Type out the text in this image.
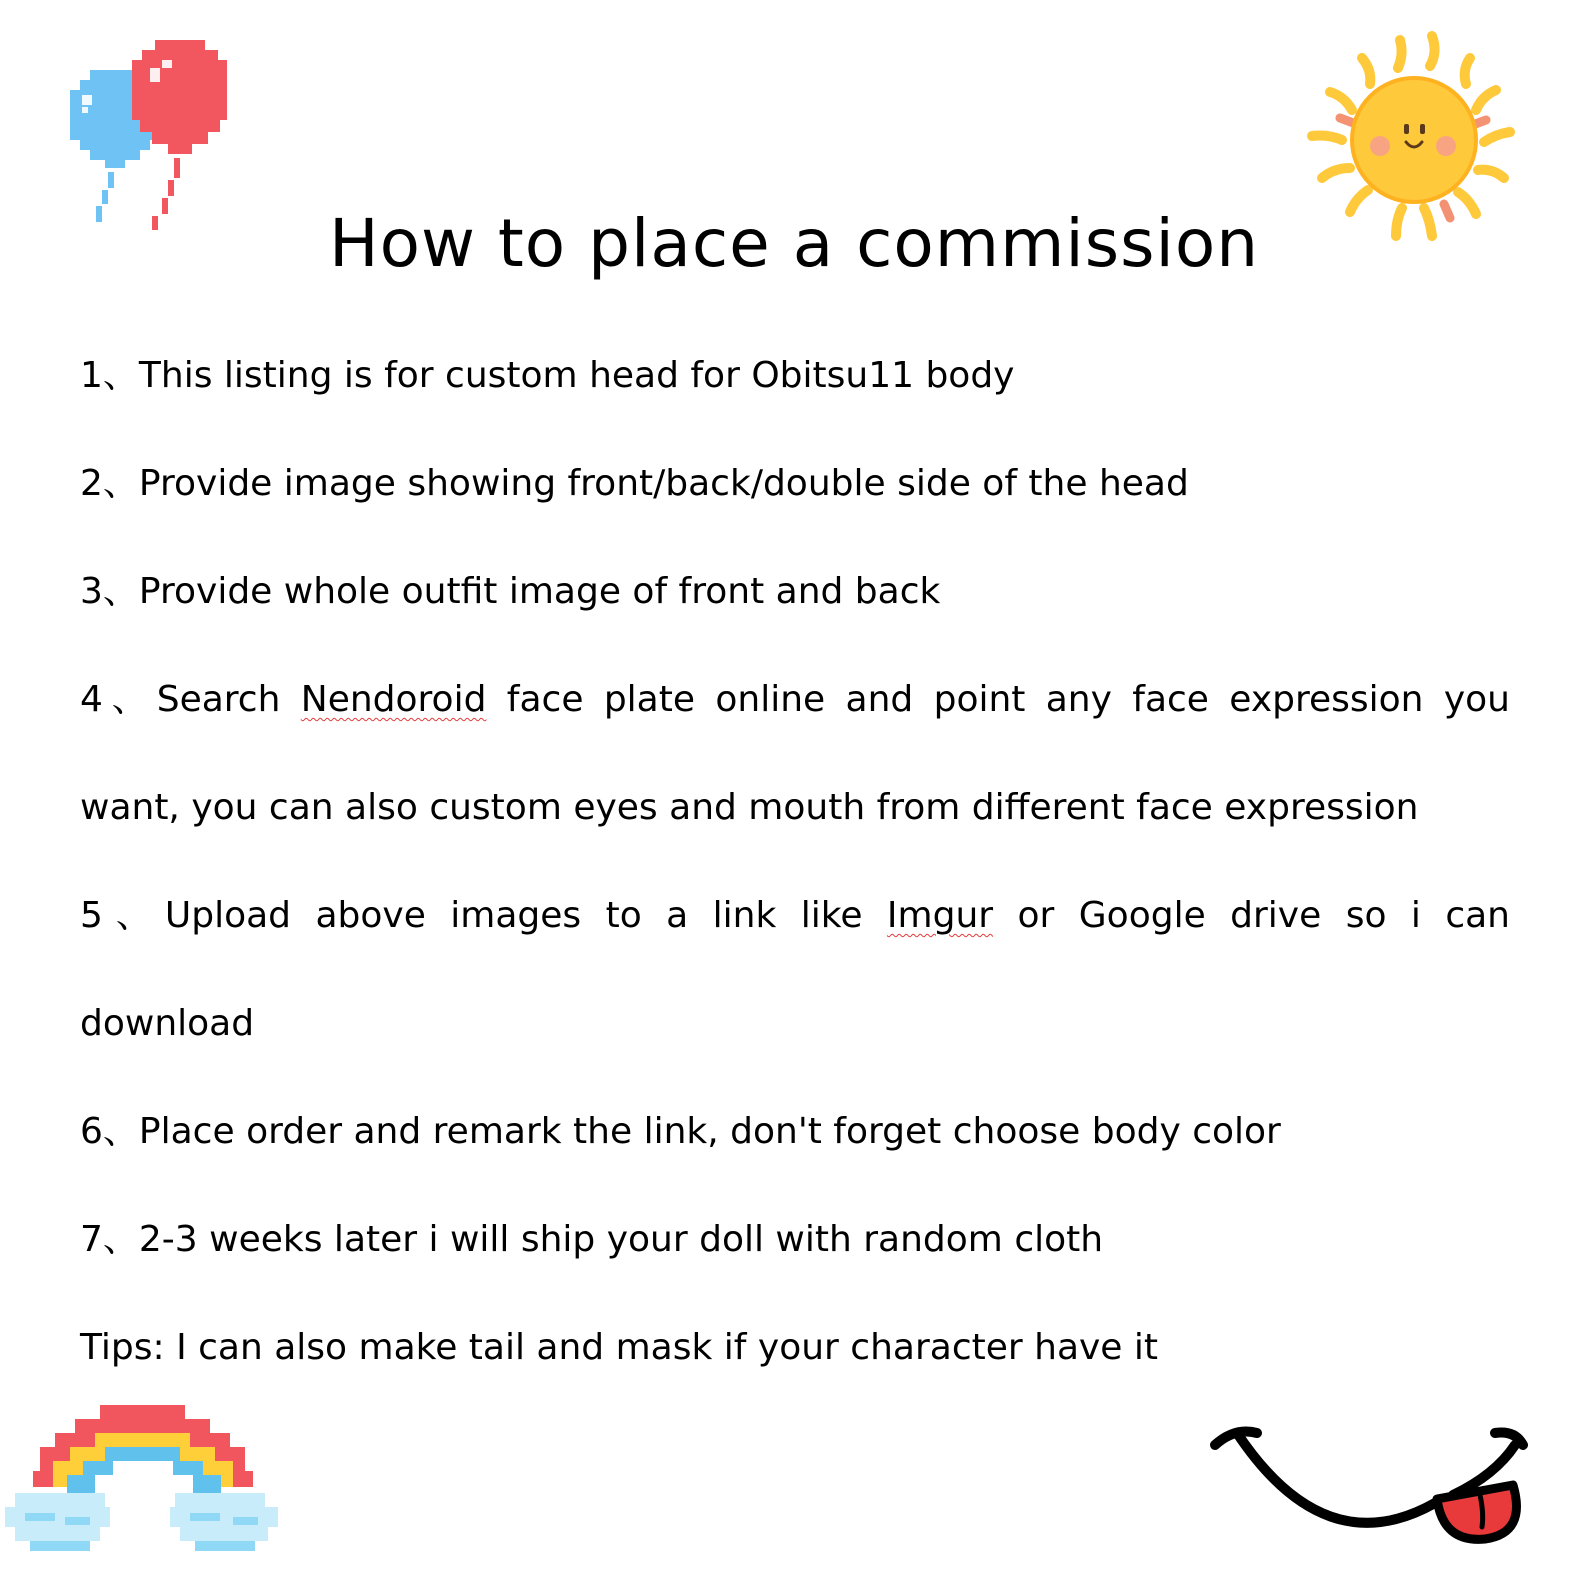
How to place a commission
1、This listing is for custom head for Obitsu11 body
2、Provide image showing front/back/double side of the head
3、Provide whole outfit image of front and back
4、Search Nendoroid face plate online and point any face expression you
want, you can also custom eyes and mouth from different face expression
5、Upload above images to a link like Imgur or Google drive so i can
download
6、Place order and remark the link, don't forget choose body color
7、2-3 weeks later i will ship your doll with random cloth
Tips: I can also make tail and mask if your character have it
